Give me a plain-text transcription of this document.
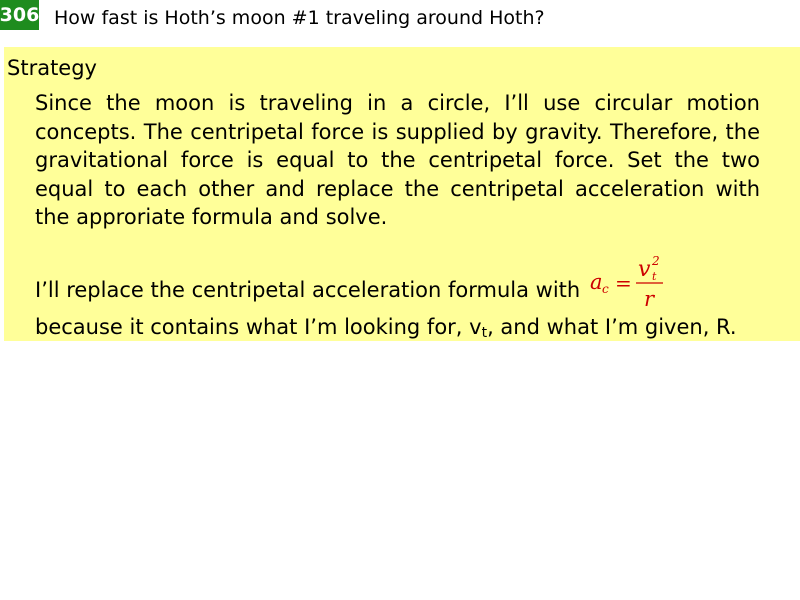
306 How fast is Hoth’s moon #1 traveling around Hoth?
Strategy

Since the moon is traveling in a circle, I’ll use circular motion concepts. The centripetal force is supplied by gravity. Therefore, the gravitational force is equal to the centripetal force. Set the two equal to each other and replace the centripetal acceleration with the approriate formula and solve.

I’ll replace the centripetal acceleration formula with a c =
v 2
t
r
because it contains what I’m looking for, $v_t$, and what I’m given, R.
